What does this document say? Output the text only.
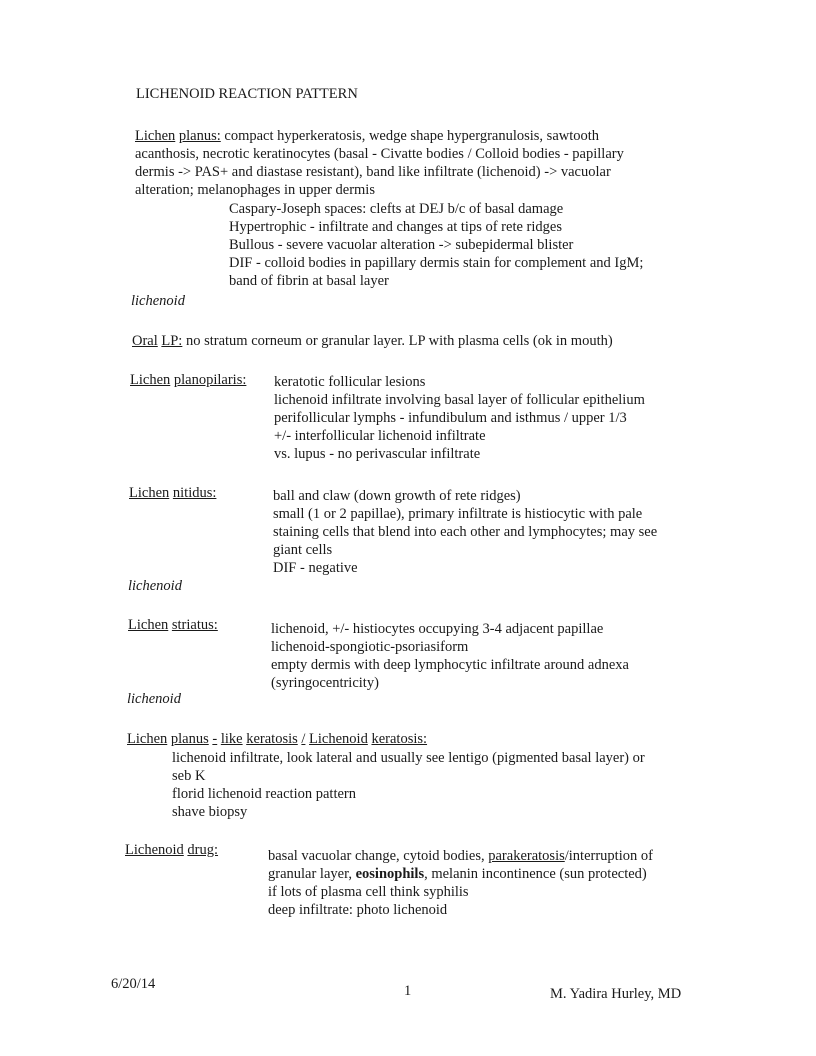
LICHENOID REACTION PATTERN
Lichen planus: compact hyperkeratosis, wedge shape hypergranulosis, sawtooth
acanthosis, necrotic keratinocytes (basal - Civatte bodies / Colloid bodies - papillary
dermis -> PAS+ and diastase resistant), band like infiltrate (lichenoid) -> vacuolar
alteration; melanophages in upper dermis
Caspary-Joseph spaces: clefts at DEJ b/c of basal damage
Hypertrophic - infiltrate and changes at tips of rete ridges
Bullous - severe vacuolar alteration -> subepidermal blister
DIF - colloid bodies in papillary dermis stain for complement and IgM;
band of fibrin at basal layer
lichenoid
Oral LP: no stratum corneum or granular layer. LP with plasma cells (ok in mouth)
Lichen planopilaris: keratotic follicular lesions
lichenoid infiltrate involving basal layer of follicular epithelium
perifollicular lymphs - infundibulum and isthmus / upper 1/3
+/- interfollicular lichenoid infiltrate
vs. lupus - no perivascular infiltrate
Lichen nitidus:	ball and claw (down growth of rete ridges)
small (1 or 2 papillae), primary infiltrate is histiocytic with pale
staining cells that blend into each other and lymphocytes; may see
giant cells
DIF - negative
lichenoid
Lichen striatus:	lichenoid, +/- histiocytes occupying 3-4 adjacent papillae
lichenoid-spongiotic-psoriasiform
empty dermis with deep lymphocytic infiltrate around adnexa
(syringocentricity)
lichenoid
Lichen planus - like keratosis / Lichenoid keratosis:
lichenoid infiltrate, look lateral and usually see lentigo (pigmented basal layer) or
seb K
florid lichenoid reaction pattern
shave biopsy
Lichenoid drug:	basal vacuolar change, cytoid bodies, parakeratosis/interruption of
granular layer, eosinophils, melanin incontinence (sun protected)
if lots of plasma cell think syphilis
deep infiltrate: photo lichenoid
6/20/14	1	M. Yadira Hurley, MD
